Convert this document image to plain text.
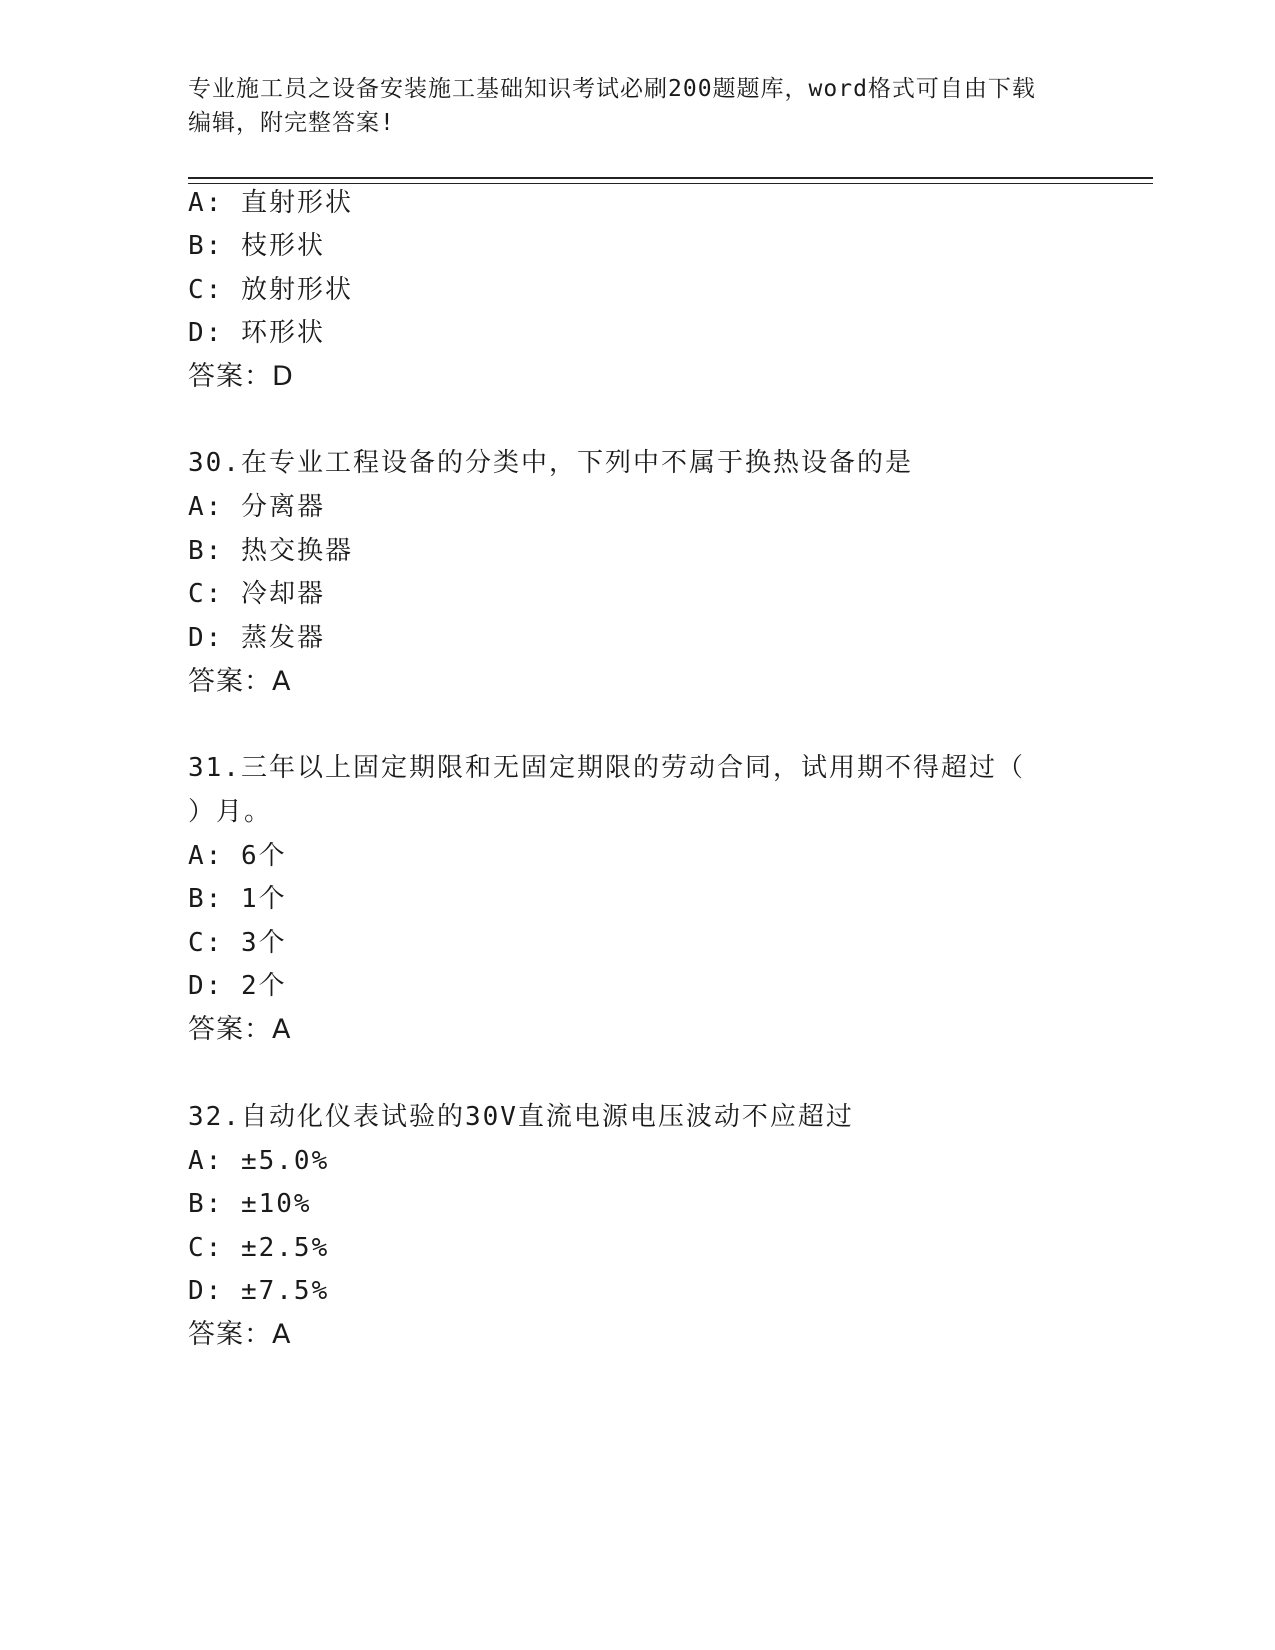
专业施工员之设备安装施工基础知识考试必刷200题题库，word格式可自由下载
编辑，附完整答案!
A: 直射形状
B: 枝形状
C: 放射形状
D: 环形状
答案：D
30.在专业工程设备的分类中，下列中不属于换热设备的是
A: 分离器
B: 热交换器
C: 冷却器
D: 蒸发器
答案：A
31.三年以上固定期限和无固定期限的劳动合同，试用期不得超过（
）月。
A: 6个
B: 1个
C: 3个
D: 2个
答案：A
32.自动化仪表试验的30V直流电源电压波动不应超过
A: ±5.0%
B: ±10%
C: ±2.5%
D: ±7.5%
答案：A
